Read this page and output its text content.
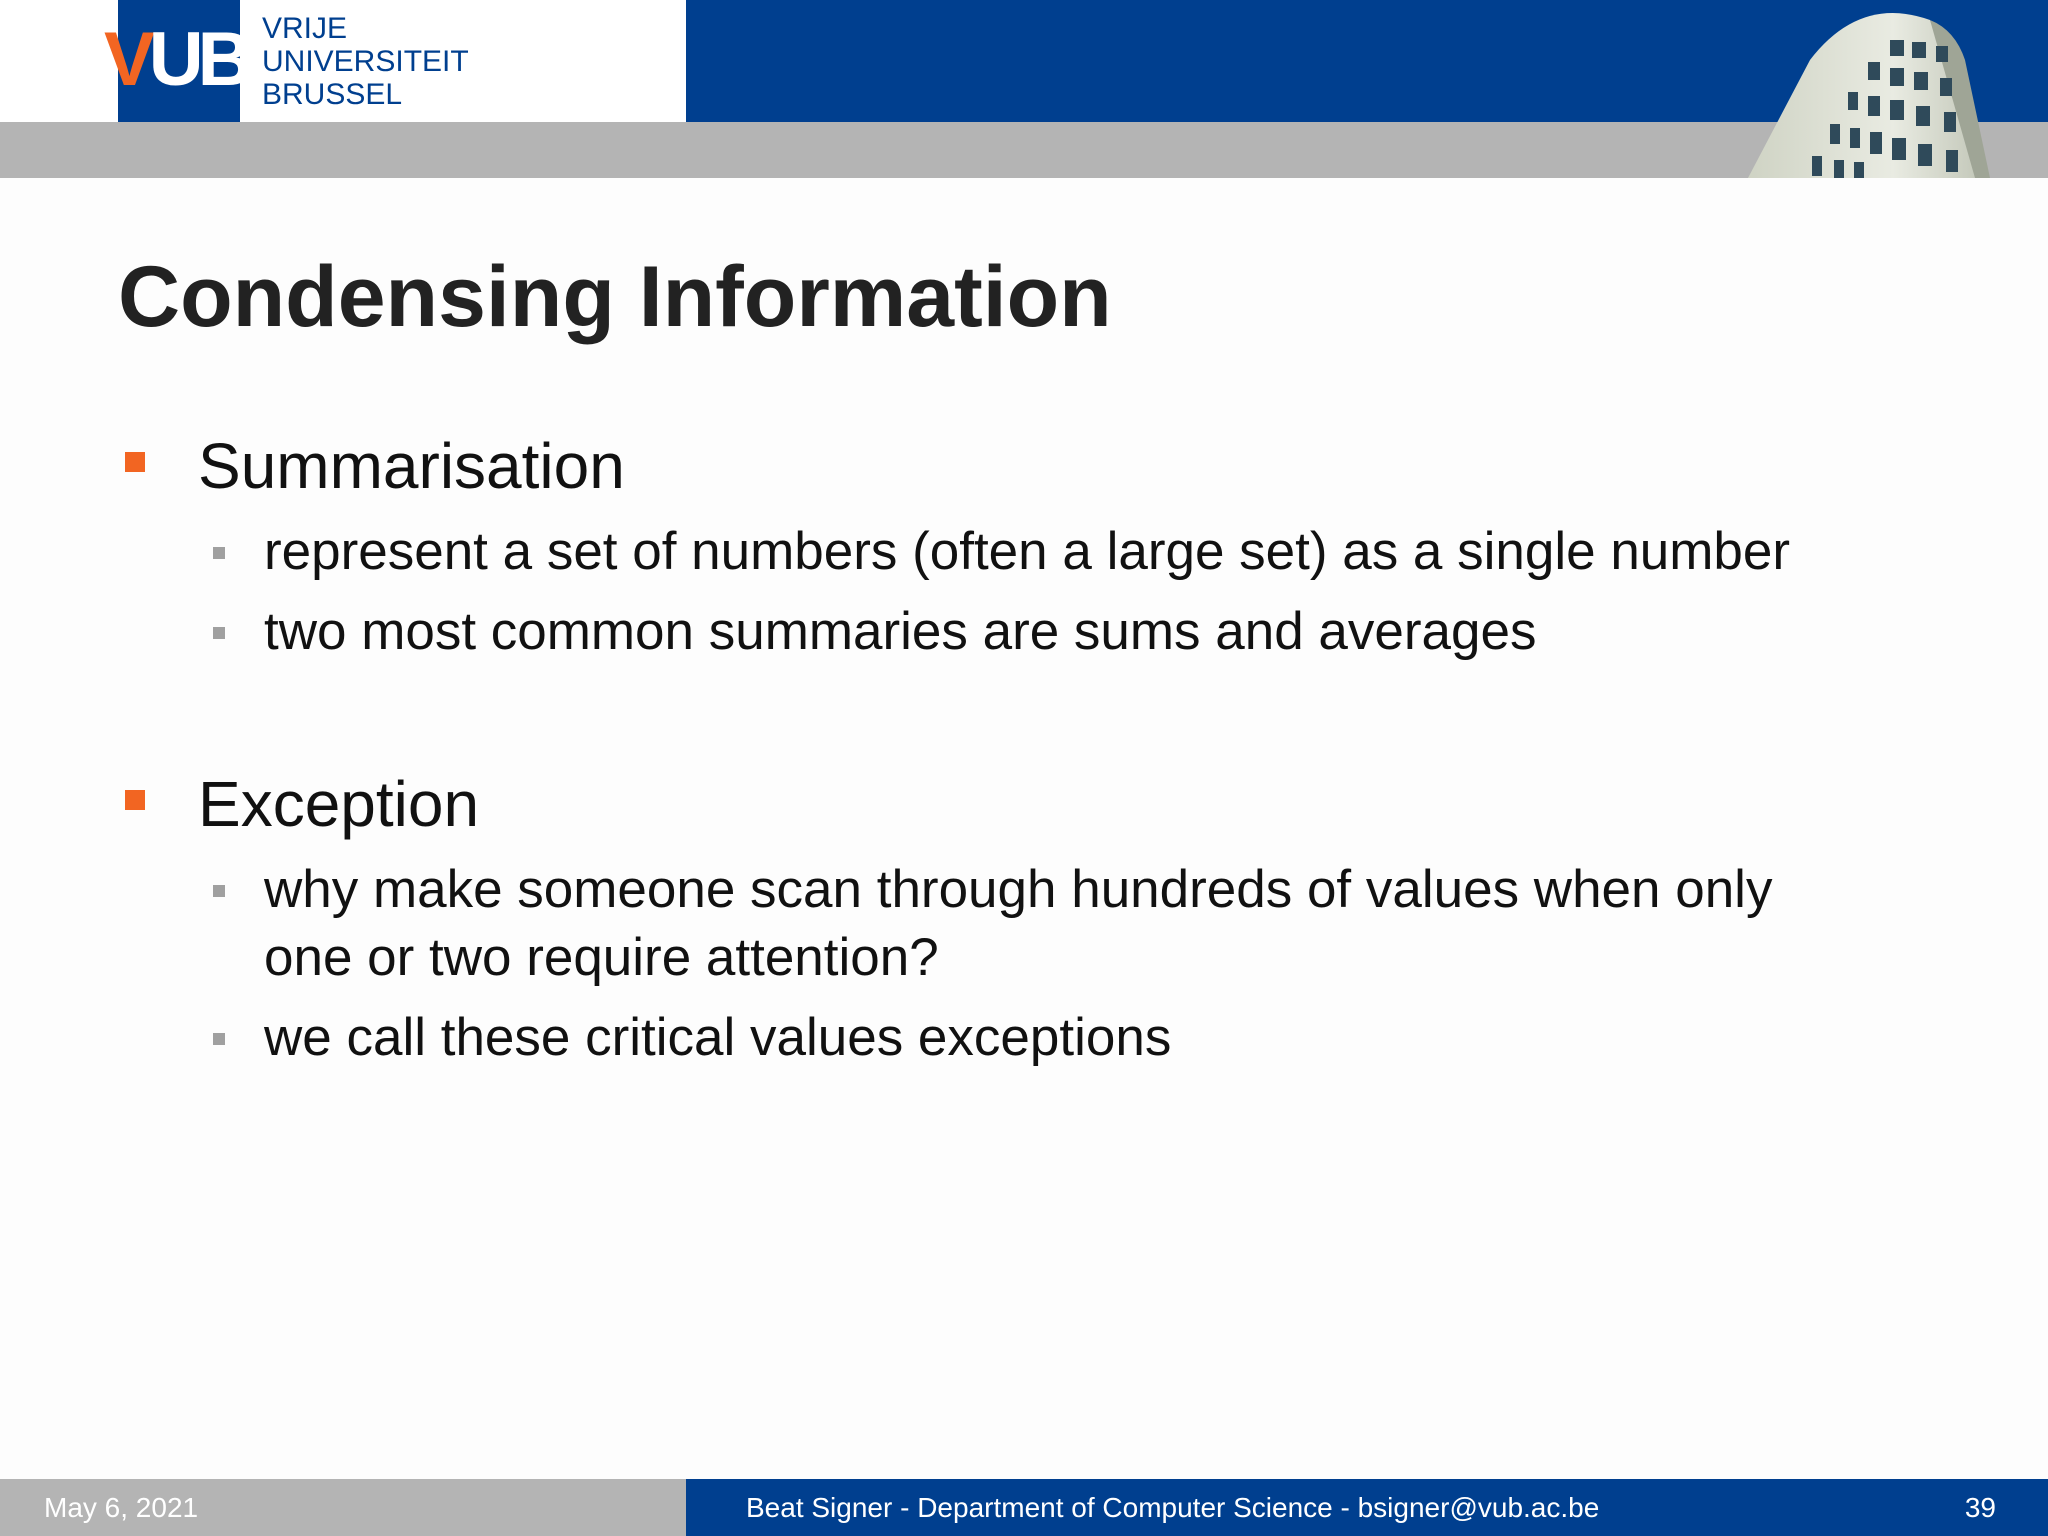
VUB VRIJE
UNIVERSITEIT
BRUSSEL
Condensing Information
Summarisation
represent a set of numbers (often a large set) as a single number
two most common summaries are sums and averages
Exception
why make someone scan through hundreds of values when only
one or two require attention?
we call these critical values exceptions
May 6, 2021	Beat Signer - Department of Computer Science - bsigner@vub.ac.be	39
